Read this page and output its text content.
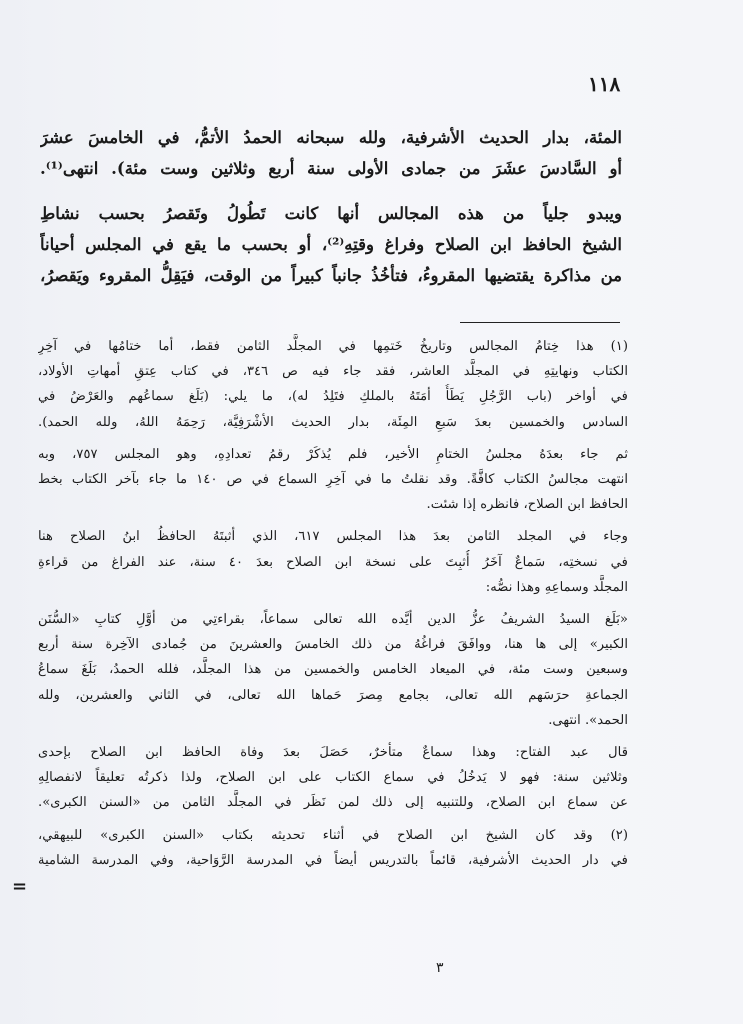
١١٨

المئة، بدار الحديث الأشرفية، ولله سبحانه الحمدُ الأتمُّ، في الخامسَ عشرَ

أو السَّادسَ عشَرَ من جمادى الأولى سنة أربع وثلاثين وست مئة). انتهى⁽¹⁾.

ويبدو جلياً من هذه المجالس أنها كانت تَطُولُ وتَقصرُ بحسب نشاطِ

الشيخ الحافظ ابن الصلاح وفراغ وقتِهِ⁽²⁾، أو بحسب ما يقع في المجلس أحياناً

من مذاكرة يقتضيها المقروءُ، فتأخُذُ جانباً كبيراً من الوقت، فيَقِلُّ المقروء ويَقصرُ،

(١) هذا خِتامُ المجالس وتاريخُ خَتمِها في المجلَّد الثامن فقط، أما ختامُها في آخِرِ

الكتاب ونهايتِهِ في المجلَّد العاشر، فقد جاء فيه ص ٣٤٦، في كتاب عِتقِ أمهاتِ الأولاد،

في أواخر (باب الرَّجُلِ يَطَأُ أمَتَهُ بالملكِ فتَلِدُ له)، ما يلي: (بَلَغ سماعُهم والعَرْضُ في

السادس والخمسين بعدَ سَبعِ المِئَة، بدار الحديث الأشْرَفِيَّة، رَحِمَهُ اللهُ، ولله الحمد).

ثم جاء بعدَهُ مجلسُ الختامِ الأخير، فلم يُذكَرْ رقمُ تعدادِهِ، وهو المجلس ٧٥٧، وبه

انتهت مجالسُ الكتاب كافَّةً. وقد نقلتُ ما في آخِرِ السماع في ص ١٤٠ ما جاء بآخر الكتاب بخط

الحافظ ابن الصلاح، فانظره إذا شئت.

وجاء في المجلد الثامن بعدَ هذا المجلس ٦١٧، الذي أثبتَهُ الحافظُ ابنُ الصلاح هنا

في نسختِه، سَماعٌ آخَرُ أُثبِتَ على نسخة ابن الصلاح بعدَ ٤٠ سنة، عند الفراغ من قراءةِ

المجلَّد وسماعِهِ وهذا نصُّه:

«بَلَغ السيدُ الشريفُ عزُّ الدين أيَّده الله تعالى سماعاً، بقراءتِي من أوَّلِ كتابِ «السُّنَن

الكبير» إلى ها هنا، ووافَقَ فراغُهُ من ذلك الخامسَ والعشرينَ من جُمادى الآخِرة سنة أربع

وسبعين وست مئة، في الميعاد الخامس والخمسين من هذا المجلَّد، فلله الحمدُ، بَلَغَ سماعُ

الجماعةِ حرَسَهم الله تعالى، بجامع مِصرَ حَماها الله تعالى، في الثاني والعشرين، ولله

الحمد». انتهى.

قال عبد الفتاح: وهذا سماعٌ متأخرٌ، حَصَلَ بعدَ وفاة الحافظ ابن الصلاح بإحدى

وثلاثين سنة: فهو لا يَدخُلُ في سماع الكتاب على ابن الصلاح، ولذا ذكرتُه تعليقاً لانفصالِهِ

عن سماع ابن الصلاح، وللتنبيه إلى ذلك لمن نَظَر في المجلَّد الثامن من «السنن الكبرى».

(٢) وقد كان الشيخ ابن الصلاح في أثناء تحديثه بكتاب «السنن الكبرى» للبيهقي،

في دار الحديث الأشرفية، قائماً بالتدريس أيضاً في المدرسة الرَّوَاحية، وفي المدرسة الشامية

=
٣
